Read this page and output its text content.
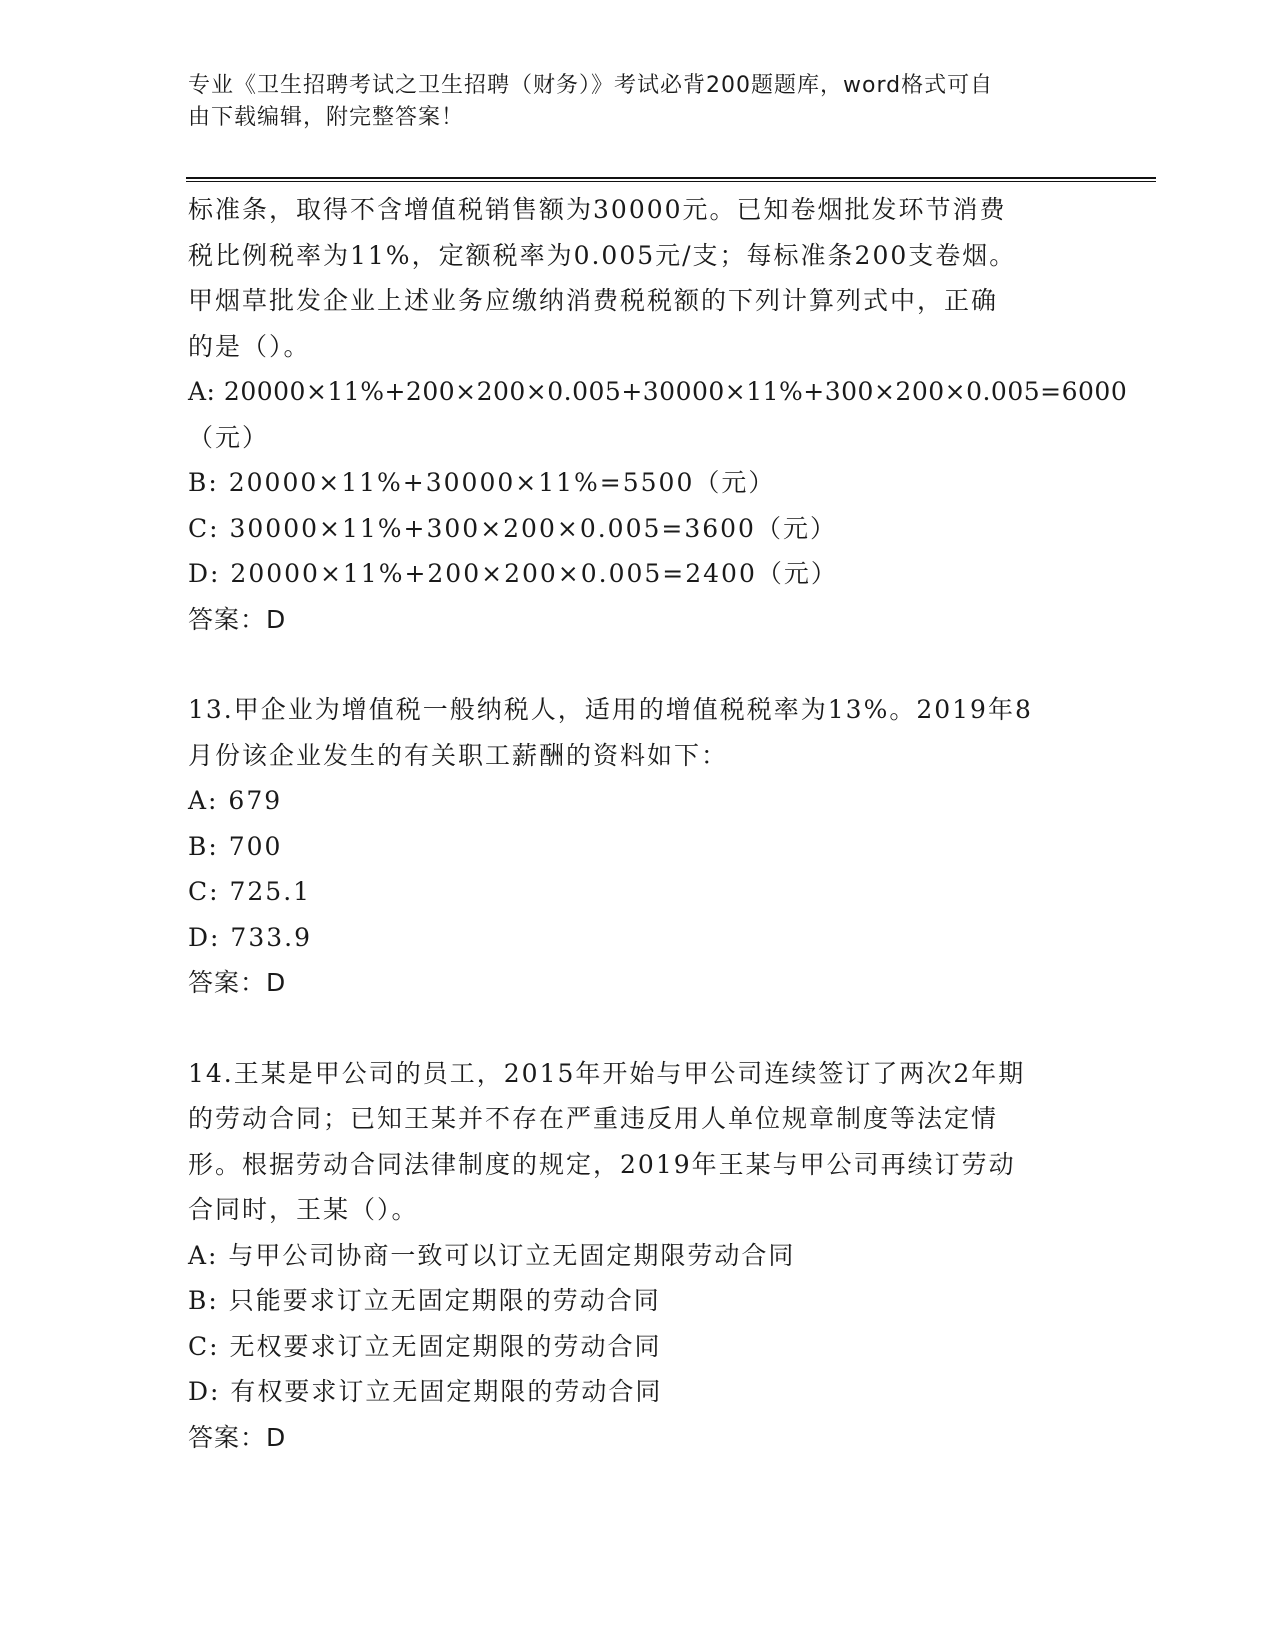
专业《卫生招聘考试之卫生招聘（财务）》考试必背200题题库，word格式可自
由下载编辑，附完整答案！
标准条，取得不含增值税销售额为30000元。已知卷烟批发环节消费
税比例税率为11%，定额税率为0.005元/支；每标准条200支卷烟。
甲烟草批发企业上述业务应缴纳消费税税额的下列计算列式中，正确
的是（）。
A: 20000×11%+200×200×0.005+30000×11%+300×200×0.005=6000
（元）
B: 20000×11%+30000×11%=5500（元）
C: 30000×11%+300×200×0.005=3600（元）
D: 20000×11%+200×200×0.005=2400（元）
答案：D
13.甲企业为增值税一般纳税人，适用的增值税税率为13%。2019年8
月份该企业发生的有关职工薪酬的资料如下：
A: 679
B: 700
C: 725.1
D: 733.9
答案：D
14.王某是甲公司的员工，2015年开始与甲公司连续签订了两次2年期
的劳动合同；已知王某并不存在严重违反用人单位规章制度等法定情
形。根据劳动合同法律制度的规定，2019年王某与甲公司再续订劳动
合同时，王某（）。
A: 与甲公司协商一致可以订立无固定期限劳动合同
B: 只能要求订立无固定期限的劳动合同
C: 无权要求订立无固定期限的劳动合同
D: 有权要求订立无固定期限的劳动合同
答案：D
